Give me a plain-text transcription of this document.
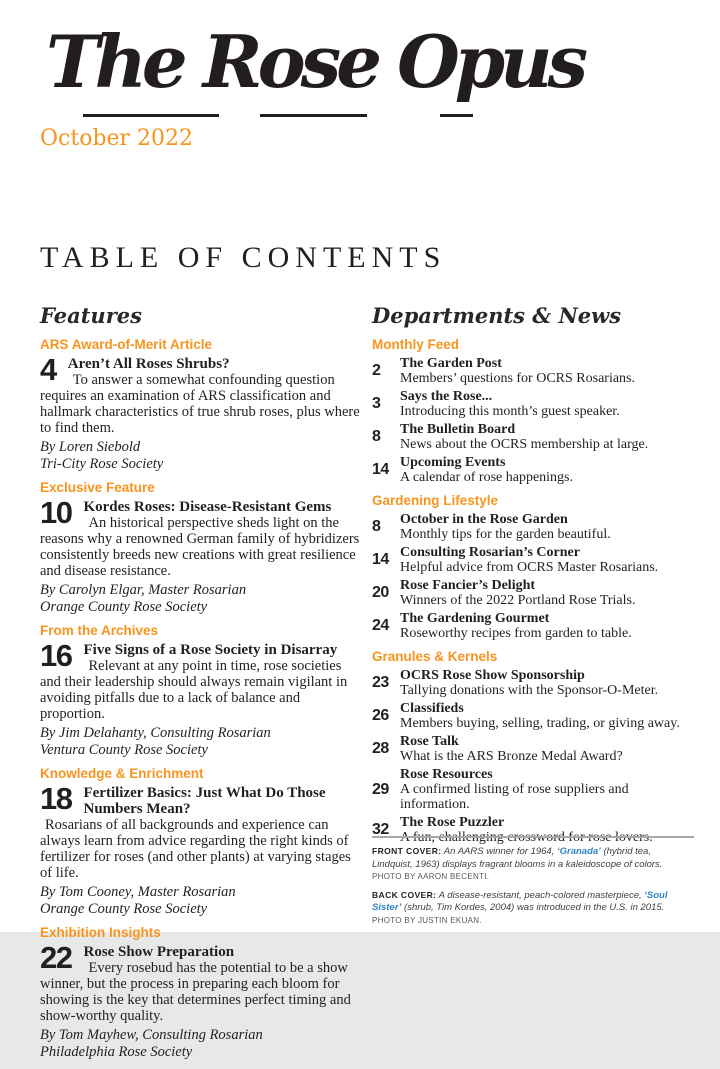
The Rose Opus
October 2022
TABLE OF CONTENTS
Features
ARS Award-of-Merit Article
4 Aren’t All Roses Shrubs?
To answer a somewhat confounding question requires an examination of ARS classification and hallmark characteristics of true shrub roses, plus where to find them.
By Loren Siebold
Tri-City Rose Society
Exclusive Feature
10 Kordes Roses: Disease-Resistant Gems
An historical perspective sheds light on the reasons why a renowned German family of hybridizers consistently breeds new creations with great resilience and disease resistance.
By Carolyn Elgar, Master Rosarian
Orange County Rose Society
From the Archives
16 Five Signs of a Rose Society in Disarray
Relevant at any point in time, rose societies and their leadership should always remain vigilant in avoiding pitfalls due to a lack of balance and proportion.
By Jim Delahanty, Consulting Rosarian
Ventura County Rose Society
Knowledge & Enrichment
18 Fertilizer Basics: Just What Do Those Numbers Mean?
Rosarians of all backgrounds and experience can always learn from advice regarding the right kinds of fertilizer for roses (and other plants) at varying stages of life.
By Tom Cooney, Master Rosarian
Orange County Rose Society
Exhibition Insights
22 Rose Show Preparation
Every rosebud has the potential to be a show winner, but the process in preparing each bloom for showing is the key that determines perfect timing and show-worthy quality.
By Tom Mayhew, Consulting Rosarian
Philadelphia Rose Society
Departments & News
Monthly Feed
2	The Garden Post
Members’ questions for OCRS Rosarians.
3	Says the Rose...
Introducing this month’s guest speaker.
8	The Bulletin Board
News about the OCRS membership at large.
14 Upcoming Events
A calendar of rose happenings.
Gardening Lifestyle
8	October in the Rose Garden
Monthly tips for the garden beautiful.
14 Consulting Rosarian’s Corner
Helpful advice from OCRS Master Rosarians.
20 Rose Fancier’s Delight
Winners of the 2022 Portland Rose Trials.
24 The Gardening Gourmet
Roseworthy recipes from garden to table.
Granules & Kernels
23 OCRS Rose Show Sponsorship
Tallying donations with the Sponsor-O-Meter.
26 Classifieds
Members buying, selling, trading, or giving away.
28 Rose Talk
What is the ARS Bronze Medal Award?
29
Rose Resources
A confirmed listing of rose suppliers and information.
32 The Rose Puzzler
A fun, challenging crossword for rose lovers.

FRONT COVER: An AARS winner for 1964, ‘Granada’ (hybrid tea, Lindquist, 1963) displays fragrant blooms in a kaleidoscope of colors. PHOTO BY AARON BECENTI.

BACK COVER: A disease-resistant, peach-colored masterpiece, ‘Soul Sister’ (shrub, Tim Kordes, 2004) was introduced in the U.S. in 2015. PHOTO BY JUSTIN EKUAN.
